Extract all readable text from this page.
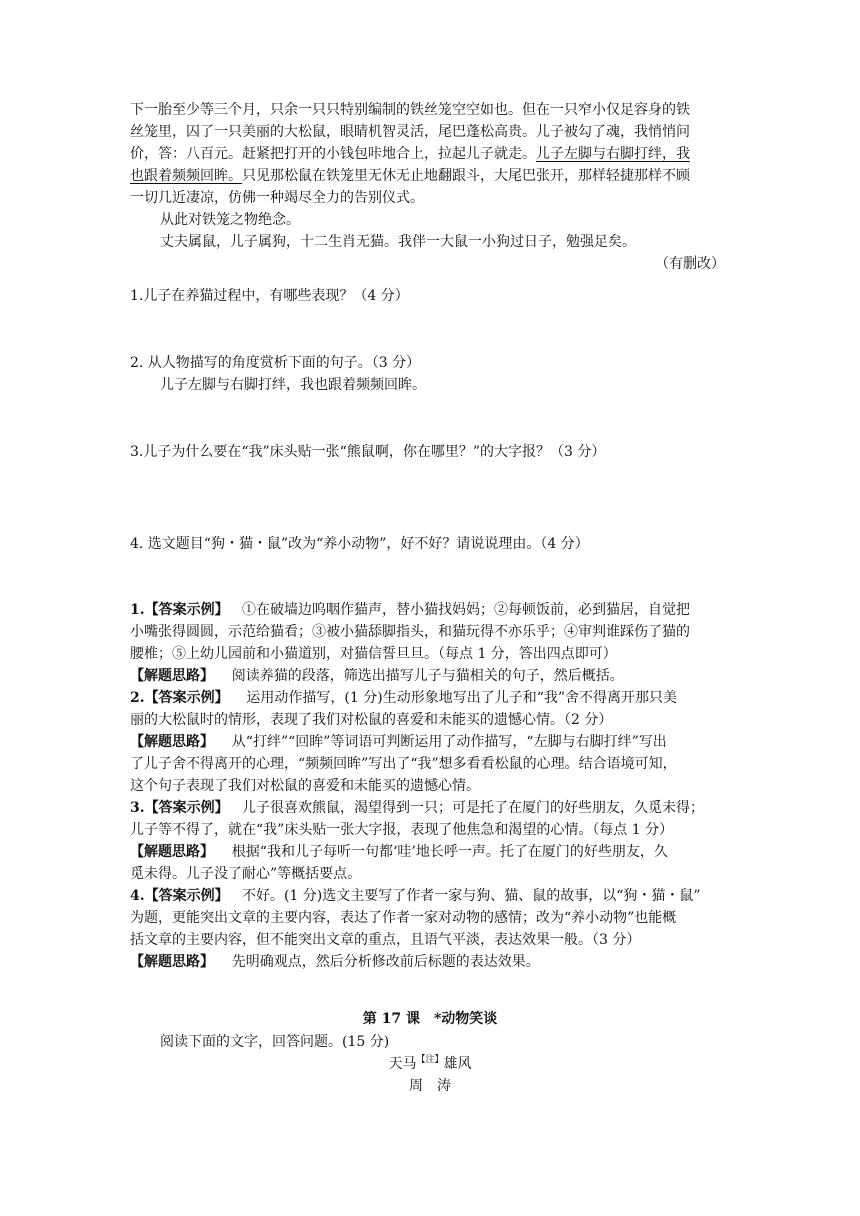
下一胎至少等三个月，只余一只只特别编制的铁丝笼空空如也。但在一只窄小仅足容身的铁
丝笼里，囚了一只美丽的大松鼠，眼睛机智灵活，尾巴蓬松高贵。儿子被勾了魂，我悄悄问
价，答：八百元。赶紧把打开的小钱包咔地合上，拉起儿子就走。儿子左脚与右脚打绊，我
也跟着频频回眸。只见那松鼠在铁笼里无休无止地翻跟斗，大尾巴张开，那样轻捷那样不顾
一切几近凄凉，仿佛一种竭尽全力的告别仪式。
从此对铁笼之物绝念。
丈夫属鼠，儿子属狗，十二生肖无猫。我伴一大鼠一小狗过日子，勉强足矣。
（有删改）
1.儿子在养猫过程中，有哪些表现？（4 分）
2. 从人物描写的角度赏析下面的句子。（3 分）
儿子左脚与右脚打绊，我也跟着频频回眸。
3.儿子为什么要在“我”床头贴一张“熊鼠啊，你在哪里？”的大字报？（3 分）
4. 选文题目“狗・猫・鼠”改为“养小动物”，好不好？请说说理由。（4 分）
1.【答案示例】   ①在破墙边呜咽作猫声，替小猫找妈妈；②每顿饭前，必到猫居，自觉把
小嘴张得圆圆，示范给猫看；③被小猫舔脚指头，和猫玩得不亦乐乎；④审判谁踩伤了猫的
腰椎；⑤上幼儿园前和小猫道别，对猫信誓旦旦。（每点 1 分，答出四点即可）
【解题思路】    阅读养猫的段落，筛选出描写儿子与猫相关的句子，然后概括。
2.【答案示例】    运用动作描写，(1 分)生动形象地写出了儿子和“我”舍不得离开那只美
丽的大松鼠时的情形，表现了我们对松鼠的喜爱和未能买的遗憾心情。（2 分）
【解题思路】    从“打绊”“回眸”等词语可判断运用了动作描写，“左脚与右脚打绊”写出
了儿子舍不得离开的心理，“频频回眸”写出了“我”想多看看松鼠的心理。结合语境可知，
这个句子表现了我们对松鼠的喜爱和未能买的遗憾心情。
3.【答案示例】   儿子很喜欢熊鼠，渴望得到一只；可是托了在厦门的好些朋友，久觅未得；
儿子等不得了，就在“我”床头贴一张大字报，表现了他焦急和渴望的心情。（每点 1 分）
【解题思路】    根据“我和儿子每听一句都‘哇’地长呼一声。托了在厦门的好些朋友，久
觅未得。儿子没了耐心”等概括要点。
4.【答案示例】   不好。(1 分)选文主要写了作者一家与狗、猫、鼠的故事，以“狗・猫・鼠”
为题，更能突出文章的主要内容，表达了作者一家对动物的感情；改为“养小动物”也能概
括文章的主要内容，但不能突出文章的重点，且语气平淡，表达效果一般。（3 分）
【解题思路】    先明确观点，然后分析修改前后标题的表达效果。
第 17 课　*动物笑谈
阅读下面的文字，回答问题。(15 分)
天马$^{【注】}$雄风
周　涛
